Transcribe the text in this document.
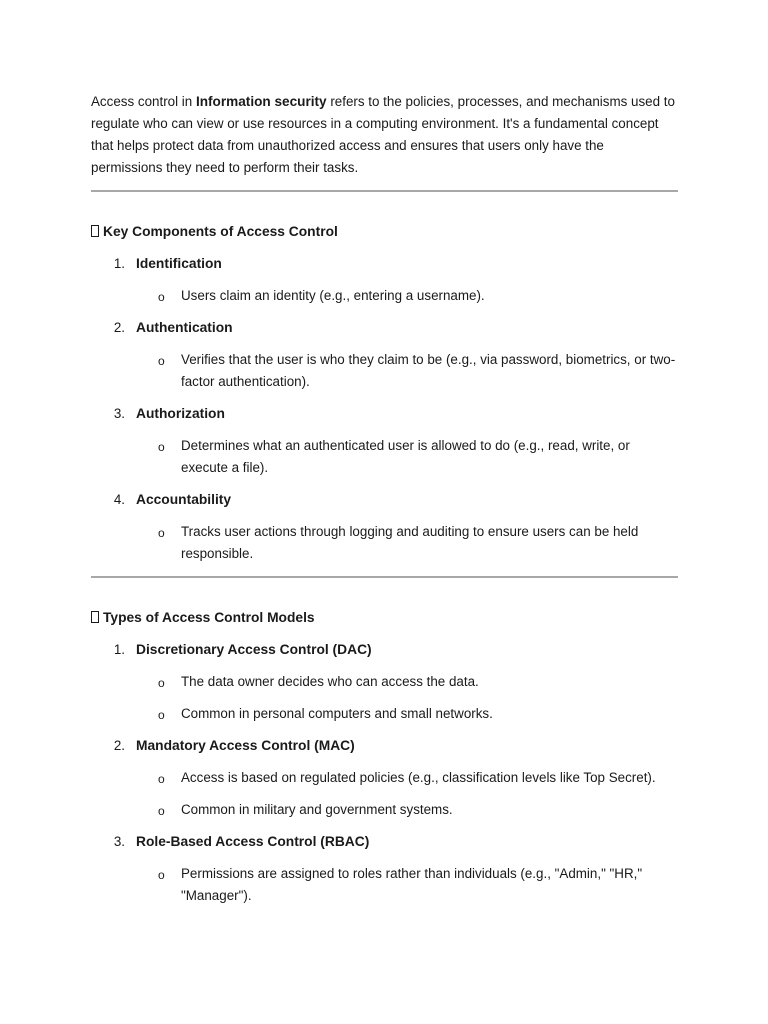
Access control in Information security refers to the policies, processes, and mechanisms used to regulate who can view or use resources in a computing environment. It's a fundamental concept that helps protect data from unauthorized access and ensures that users only have the permissions they need to perform their tasks.

Key Components of Access Control
1. Identification
o Users claim an identity (e.g., entering a username).
2. Authentication
o Verifies that the user is who they claim to be (e.g., via password, biometrics, or two-factor authentication).
3. Authorization
o Determines what an authenticated user is allowed to do (e.g., read, write, or execute a file).
4. Accountability
o Tracks user actions through logging and auditing to ensure users can be held responsible.
Types of Access Control Models
1. Discretionary Access Control (DAC)
o The data owner decides who can access the data.
o Common in personal computers and small networks.
2. Mandatory Access Control (MAC)
o Access is based on regulated policies (e.g., classification levels like Top Secret).
o Common in military and government systems.
3. Role-Based Access Control (RBAC)
o Permissions are assigned to roles rather than individuals (e.g., "Admin," "HR," "Manager").
